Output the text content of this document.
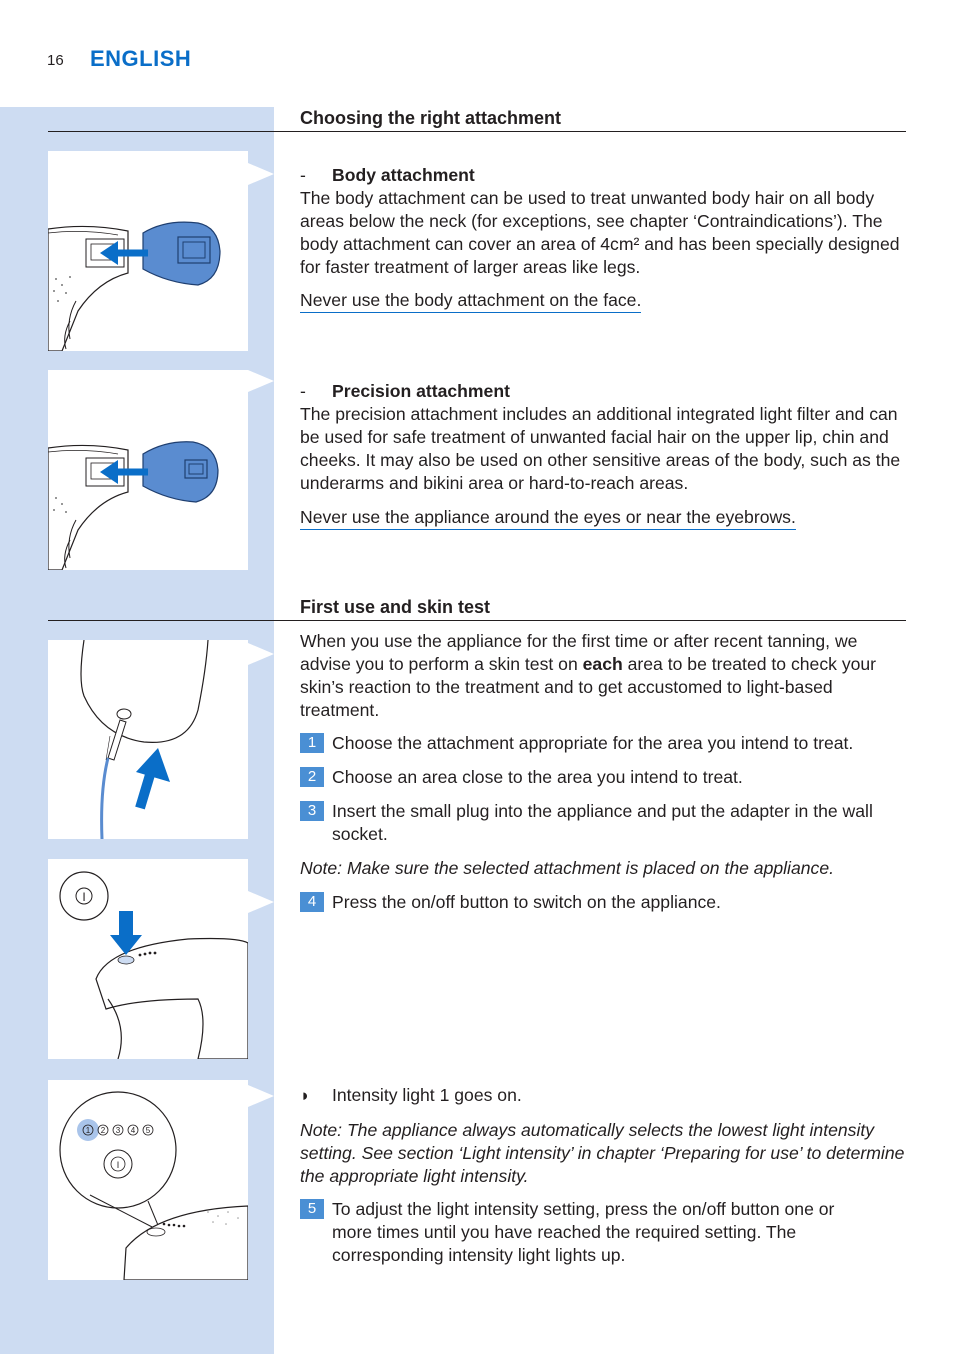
16 ENGLISH
Choosing the right attachment
- Body attachment
The body attachment can be used to treat unwanted body hair on all body areas below the neck (for exceptions, see chapter ‘Contraindications’). The body attachment can cover an area of 4cm² and has been specially designed for faster treatment of larger areas like legs.
Never use the body attachment on the face.
- Precision attachment
The precision attachment includes an additional integrated light filter and can be used for safe treatment of unwanted facial hair on the upper lip, chin and cheeks. It may also be used on other sensitive areas of the body, such as the underarms and bikini area or hard-to-reach areas.
Never use the appliance around the eyes or near the eyebrows.
First use and skin test
When you use the appliance for the first time or after recent tanning, we advise you to perform a skin test on each area to be treated to check your skin’s reaction to the treatment and to get accustomed to light-based treatment.
1 Choose the attachment appropriate for the area you intend to treat.
2 Choose an area close to the area you intend to treat.
3 Insert the small plug into the appliance and put the adapter in the wall socket.
Note: Make sure the selected attachment is placed on the appliance.
4 Press the on/off button to switch on the appliance.
I
1 2 3 4 5
I
◗ Intensity light 1 goes on.
Note: The appliance always automatically selects the lowest light intensity setting. See section ‘Light intensity’ in chapter ‘Preparing for use’ to determine the appropriate light intensity.
5 To adjust the light intensity setting, press the on/off button one or more times until you have reached the required setting. The corresponding intensity light lights up.
